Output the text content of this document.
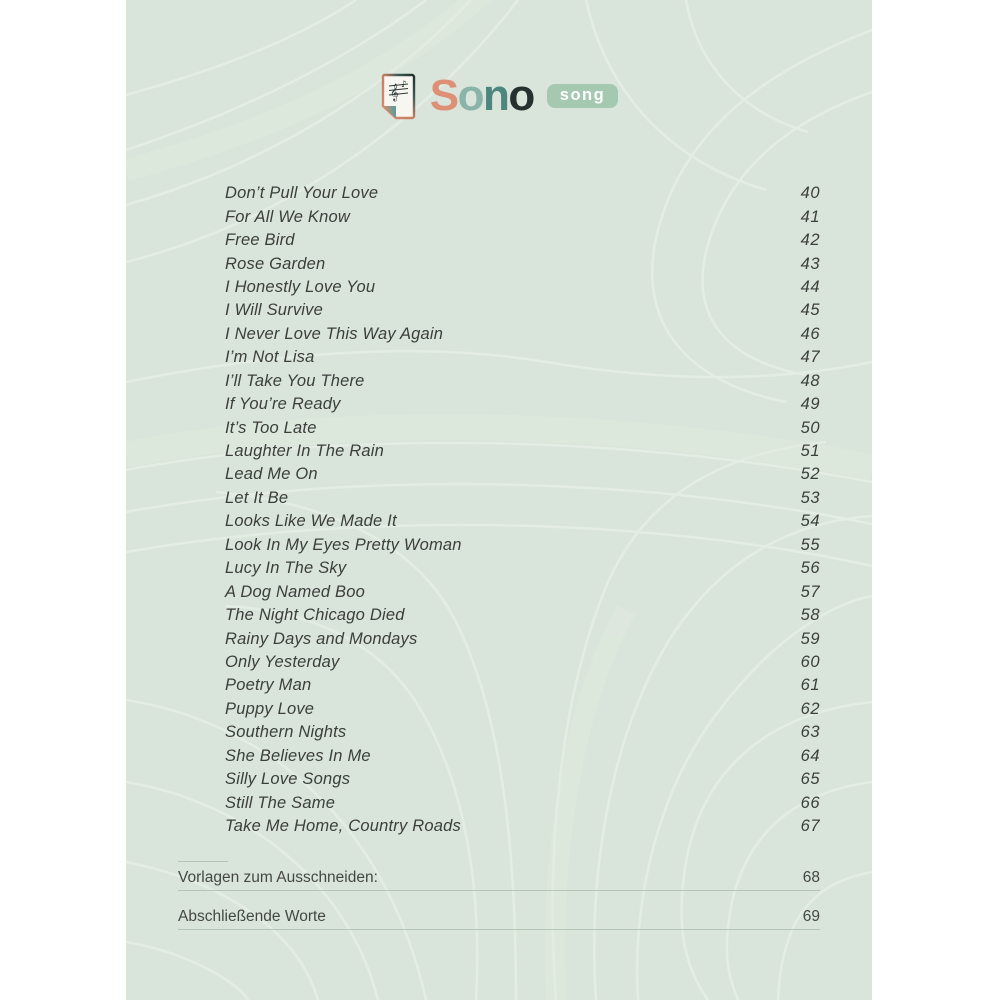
𝄞 ♪ S o n o	song
Don’t Pull Your Love	40
For All We Know	41
Free Bird	42
Rose Garden	43
I Honestly Love You	44
I Will Survive	45
I Never Love This Way Again	46
I’m Not Lisa	47
I’ll Take You There	48
If You’re Ready	49
It’s Too Late	50
Laughter In The Rain	51
Lead Me On	52
Let It Be	53
Looks Like We Made It	54
Look In My Eyes Pretty Woman	55
Lucy In The Sky	56
A Dog Named Boo	57
The Night Chicago Died	58
Rainy Days and Mondays	59
Only Yesterday	60
Poetry Man	61
Puppy Love	62
Southern Nights	63
She Believes In Me	64
Silly Love Songs	65
Still The Same	66
Take Me Home, Country Roads	67
Vorlagen zum Ausschneiden:	68
Abschließende Worte	69
